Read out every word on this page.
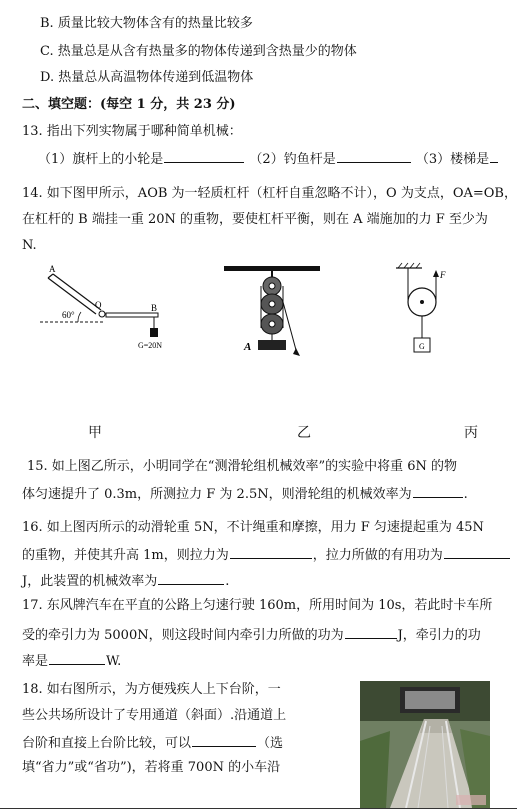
B. 质量比较大物体含有的热量比较多
C. 热量总是从含有热量多的物体传递到含热量少的物体
D. 热量总从高温物体传递到低温物体
二、填空题：(每空 1 分，共 23 分)
13. 指出下列实物属于哪种简单机械：
（1）旗杆上的小轮是	（2）钓鱼杆是	（3）楼梯是
14. 如下图甲所示，AOB 为一轻质杠杆（杠杆自重忽略不计），O 为支点，OA=OB，
在杠杆的 B 端挂一重 20N 的重物，要使杠杆平衡，则在 A 端施加的力 F 至少为
N.
A
O	B
60°
G=20N	A
F
G
甲	乙	丙
15. 如上图乙所示，小明同学在“测滑轮组机械效率”的实验中将重 6N 的物
体匀速提升了 0.3m，所测拉力 F 为 2.5N，则滑轮组的机械效率为	.
16. 如上图丙所示的动滑轮重 5N，不计绳重和摩擦，用力 F 匀速提起重为 45N
的重物，并使其升高 1m，则拉力为	，拉力所做的有用功为
J，此装置的机械效率为	.
17. 东风牌汽车在平直的公路上匀速行驶 160m，所用时间为 10s，若此时卡车所
受的牵引力为 5000N，则这段时间内牵引力所做的功为	J，牵引力的功
率是	W.
18. 如右图所示，为方便残疾人上下台阶，一
些公共场所设计了专用通道（斜面）.沿通道上
台阶和直接上台阶比较，可以	（选
填“省力”或“省功”)，若将重 700N 的小车沿
